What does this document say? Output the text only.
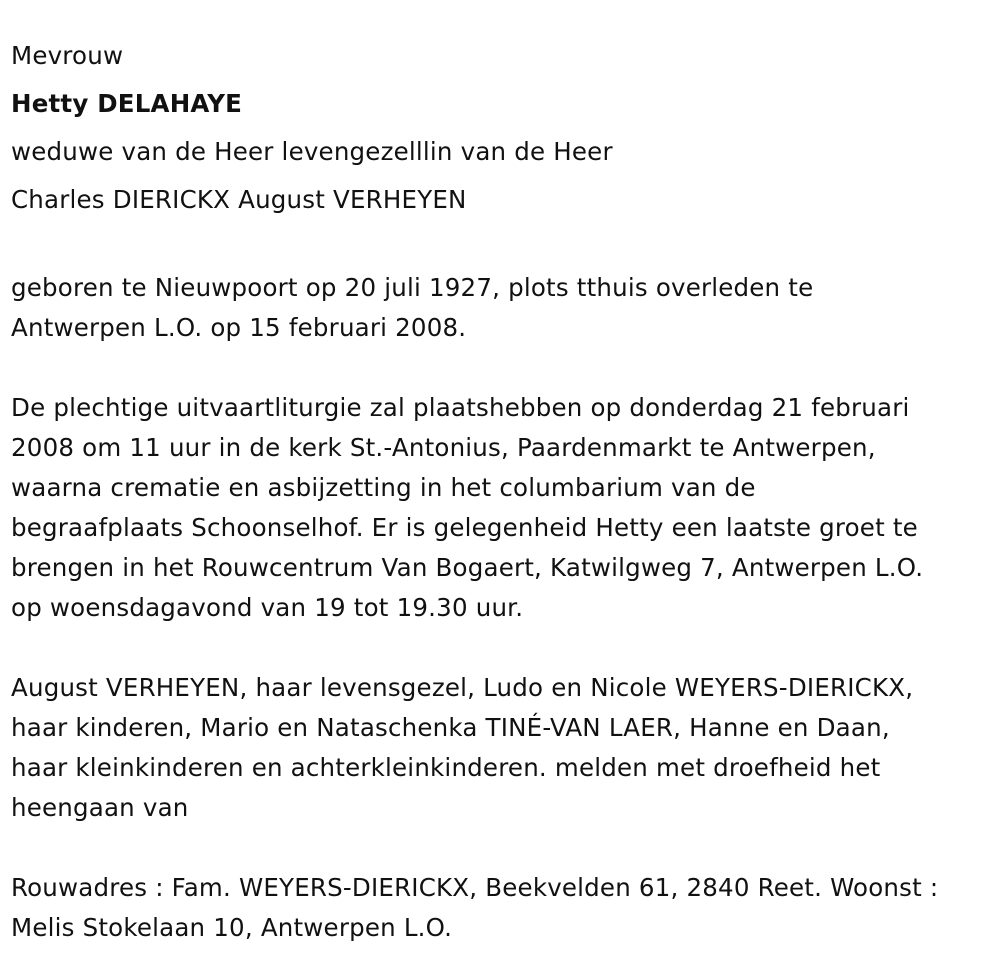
Mevrouw
Hetty DELAHAYE
weduwe van de Heer levengezelllin van de Heer
Charles DIERICKX August VERHEYEN
geboren te Nieuwpoort op 20 juli 1927, plots tthuis overleden te
Antwerpen L.O. op 15 februari 2008.
De plechtige uitvaartliturgie zal plaatshebben op donderdag 21 februari
2008 om 11 uur in de kerk St.-Antonius, Paardenmarkt te Antwerpen,
waarna crematie en asbijzetting in het columbarium van de
begraafplaats Schoonselhof. Er is gelegenheid Hetty een laatste groet te
brengen in het Rouwcentrum Van Bogaert, Katwilgweg 7, Antwerpen L.O.
op woensdagavond van 19 tot 19.30 uur.
August VERHEYEN, haar levensgezel, Ludo en Nicole WEYERS-DIERICKX,
haar kinderen, Mario en Nataschenka TINÉ-VAN LAER, Hanne en Daan,
haar kleinkinderen en achterkleinkinderen. melden met droefheid het
heengaan van
Rouwadres : Fam. WEYERS-DIERICKX, Beekvelden 61, 2840 Reet. Woonst :
Melis Stokelaan 10, Antwerpen L.O.
